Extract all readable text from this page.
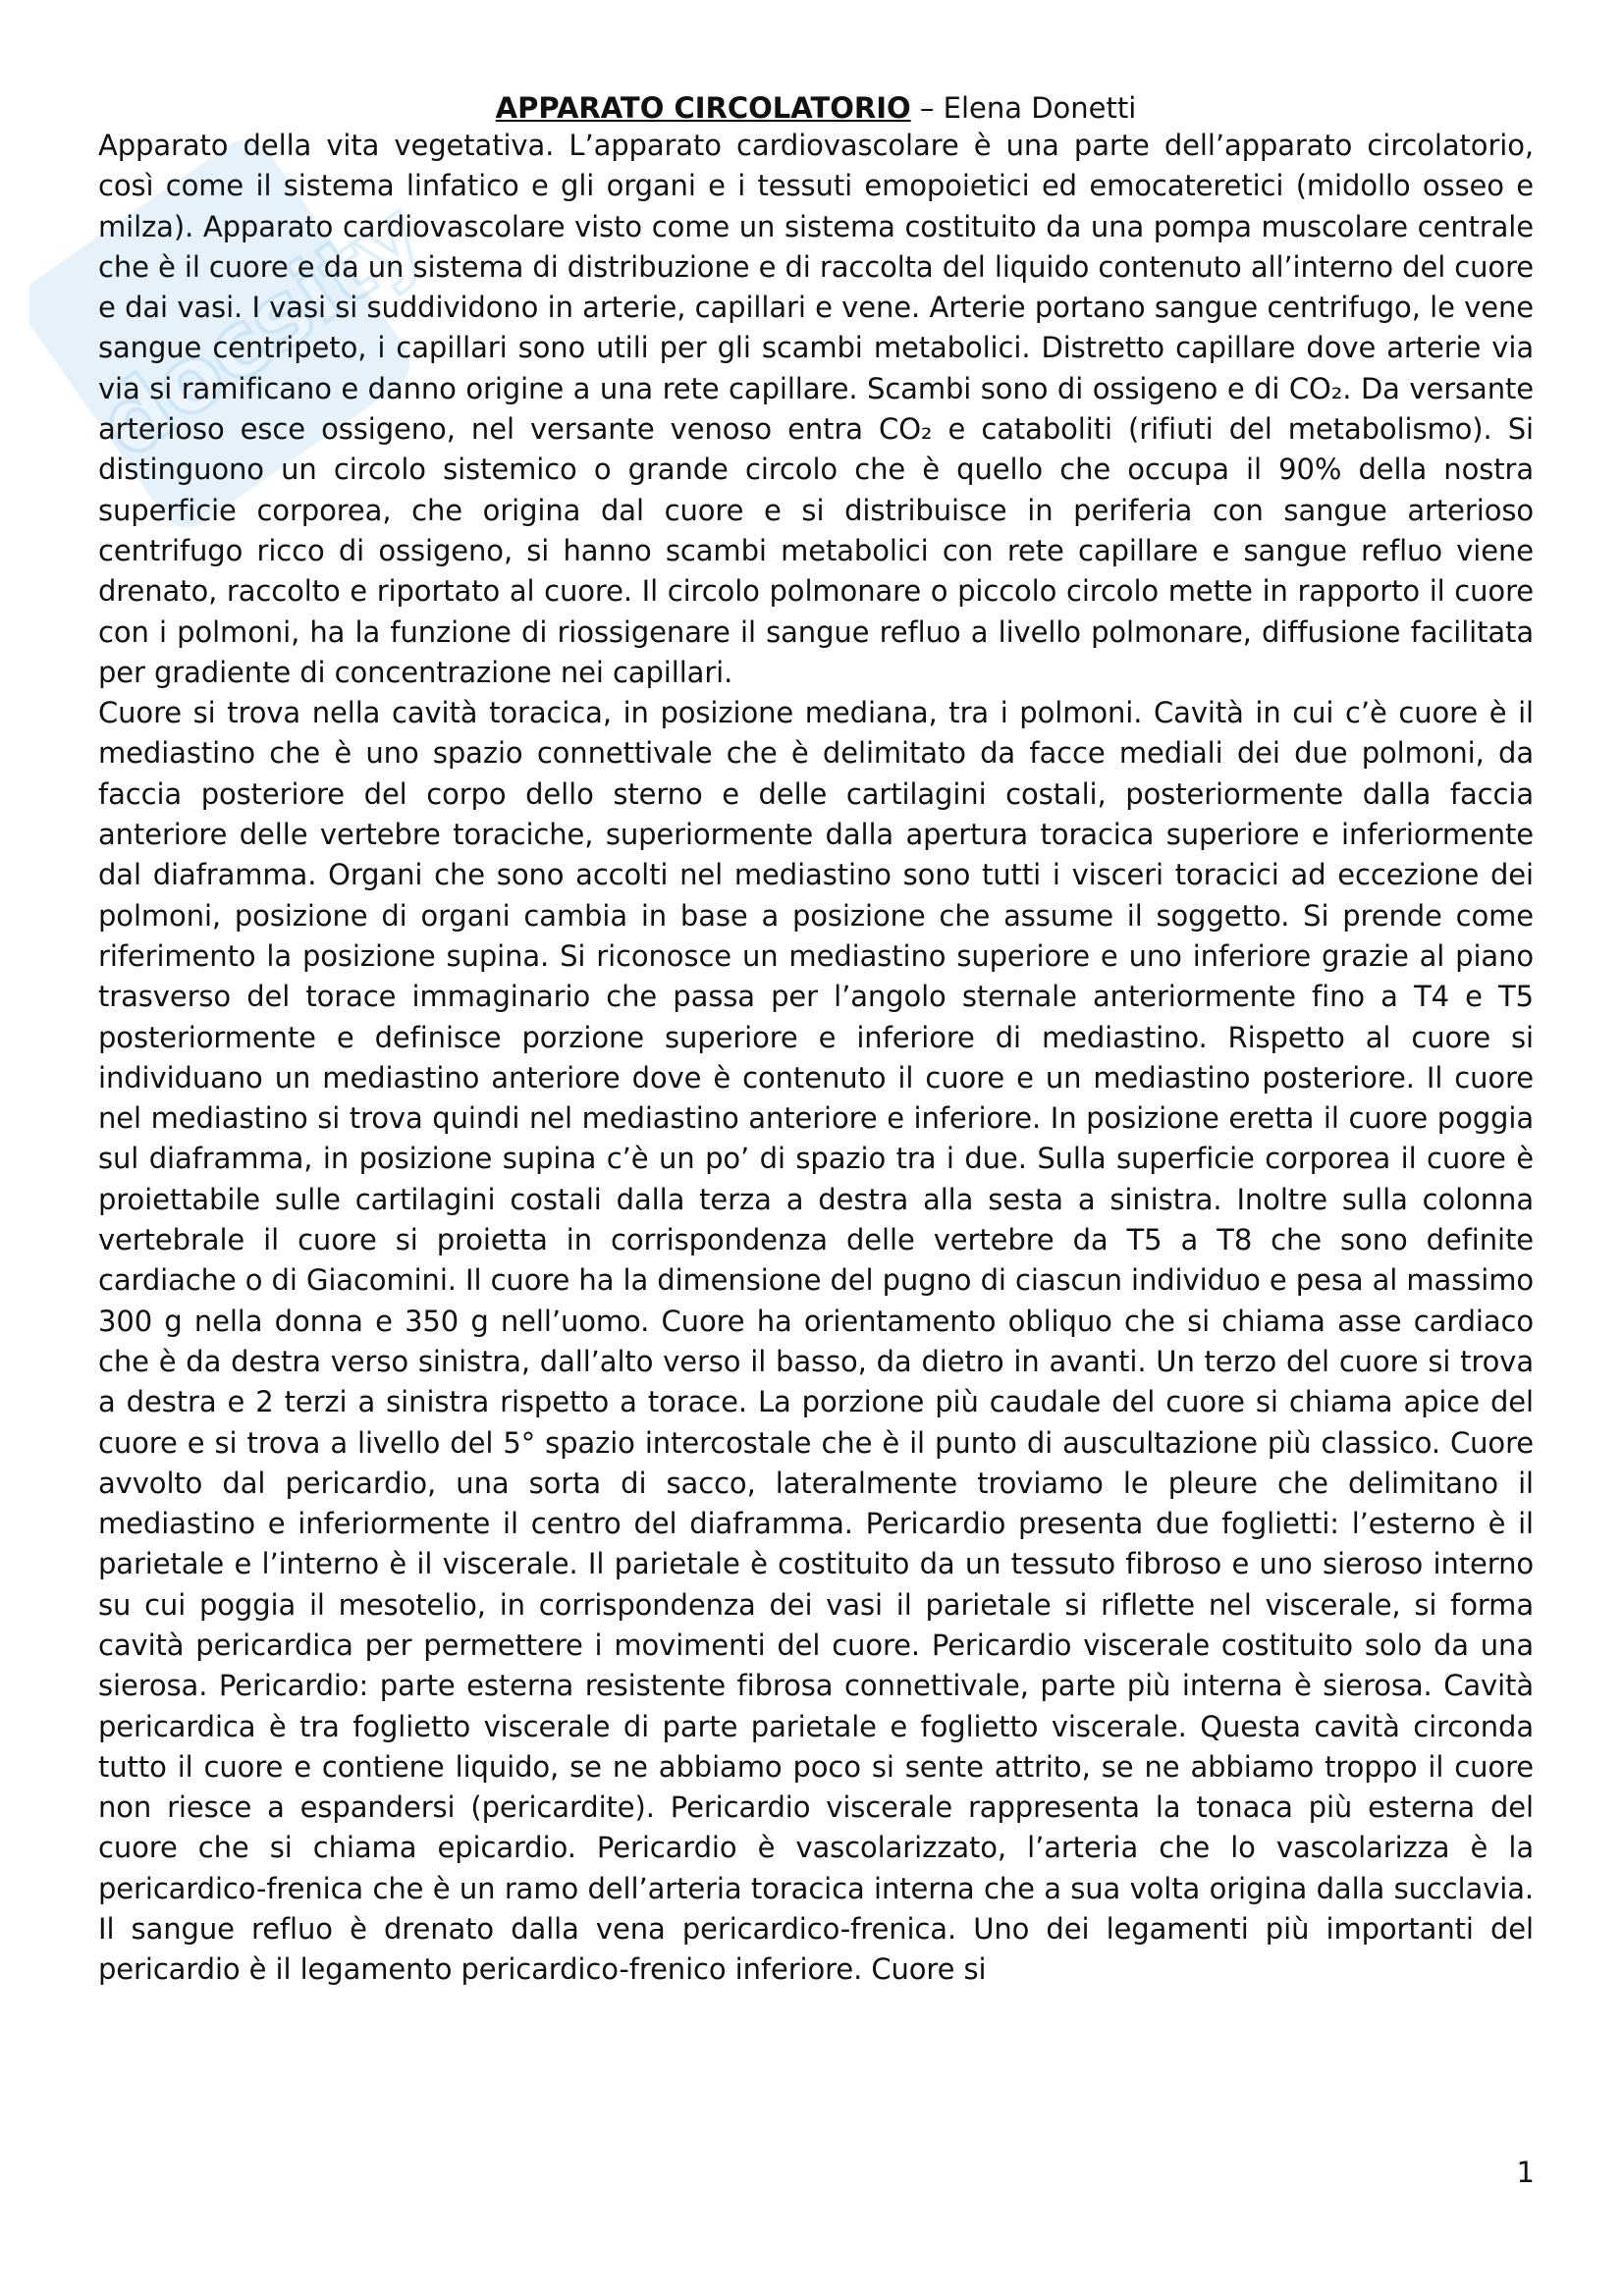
docsity

APPARATO CIRCOLATORIO – Elena Donetti

Apparato della vita vegetativa. L’apparato cardiovascolare è una parte dell’apparato circolatorio, così come il sistema linfatico e gli organi e i tessuti emopoietici ed emocateretici (midollo osseo e milza). Apparato cardiovascolare visto come un sistema costituito da una pompa muscolare centrale che è il cuore e da un sistema di distribuzione e di raccolta del liquido contenuto all’interno del cuore e dai vasi. I vasi si suddividono in arterie, capillari e vene. Arterie portano sangue centrifugo, le vene sangue centripeto, i capillari sono utili per gli scambi metabolici. Distretto capillare dove arterie via via si ramificano e danno origine a una rete capillare. Scambi sono di ossigeno e di CO₂. Da versante arterioso esce ossigeno, nel versante venoso entra CO₂ e cataboliti (rifiuti del metabolismo). Si distinguono un circolo sistemico o grande circolo che è quello che occupa il 90% della nostra superficie corporea, che origina dal cuore e si distribuisce in periferia con sangue arterioso centrifugo ricco di ossigeno, si hanno scambi metabolici con rete capillare e sangue refluo viene drenato, raccolto e riportato al cuore. Il circolo polmonare o piccolo circolo mette in rapporto il cuore con i polmoni, ha la funzione di riossigenare il sangue refluo a livello polmonare, diffusione facilitata per gradiente di concentrazione nei capillari.

Cuore si trova nella cavità toracica, in posizione mediana, tra i polmoni. Cavità in cui c’è cuore è il mediastino che è uno spazio connettivale che è delimitato da facce mediali dei due polmoni, da faccia posteriore del corpo dello sterno e delle cartilagini costali, posteriormente dalla faccia anteriore delle vertebre toraciche, superiormente dalla apertura toracica superiore e inferiormente dal diaframma. Organi che sono accolti nel mediastino sono tutti i visceri toracici ad eccezione dei polmoni, posizione di organi cambia in base a posizione che assume il soggetto. Si prende come riferimento la posizione supina. Si riconosce un mediastino superiore e uno inferiore grazie al piano trasverso del torace immaginario che passa per l’angolo sternale anteriormente fino a T4 e T5 posteriormente e definisce porzione superiore e inferiore di mediastino. Rispetto al cuore si individuano un mediastino anteriore dove è contenuto il cuore e un mediastino posteriore. Il cuore nel mediastino si trova quindi nel mediastino anteriore e inferiore. In posizione eretta il cuore poggia sul diaframma, in posizione supina c’è un po’ di spazio tra i due. Sulla superficie corporea il cuore è proiettabile sulle cartilagini costali dalla terza a destra alla sesta a sinistra. Inoltre sulla colonna vertebrale il cuore si proietta in corrispondenza delle vertebre da T5 a T8 che sono definite cardiache o di Giacomini. Il cuore ha la dimensione del pugno di ciascun individuo e pesa al massimo 300 g nella donna e 350 g nell’uomo. Cuore ha orientamento obliquo che si chiama asse cardiaco che è da destra verso sinistra, dall’alto verso il basso, da dietro in avanti. Un terzo del cuore si trova a destra e 2 terzi a sinistra rispetto a torace. La porzione più caudale del cuore si chiama apice del cuore e si trova a livello del 5° spazio intercostale che è il punto di auscultazione più classico. Cuore avvolto dal pericardio, una sorta di sacco, lateralmente troviamo le pleure che delimitano il mediastino e inferiormente il centro del diaframma. Pericardio presenta due foglietti: l’esterno è il parietale e l’interno è il viscerale. Il parietale è costituito da un tessuto fibroso e uno sieroso interno su cui poggia il mesotelio, in corrispondenza dei vasi il parietale si riflette nel viscerale, si forma cavità pericardica per permettere i movimenti del cuore. Pericardio viscerale costituito solo da una sierosa. Pericardio: parte esterna resistente fibrosa connettivale, parte più interna è sierosa. Cavità pericardica è tra foglietto viscerale di parte parietale e foglietto viscerale. Questa cavità circonda tutto il cuore e contiene liquido, se ne abbiamo poco si sente attrito, se ne abbiamo troppo il cuore non riesce a espandersi (pericardite). Pericardio viscerale rappresenta la tonaca più esterna del cuore che si chiama epicardio. Pericardio è vascolarizzato, l’arteria che lo vascolarizza è la pericardico-frenica che è un ramo dell’arteria toracica interna che a sua volta origina dalla succlavia. Il sangue refluo è drenato dalla vena pericardico-frenica. Uno dei legamenti più importanti del pericardio è il legamento pericardico-frenico inferiore. Cuore si

1
